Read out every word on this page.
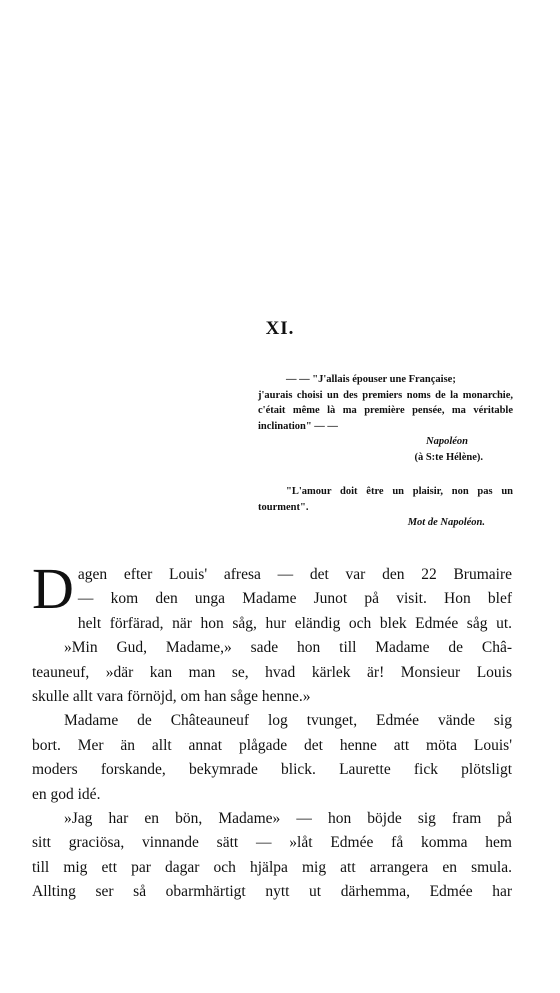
XI.
— — "J'allais épouser une Française;
j'aurais choisi un des premiers noms de la monarchie, c'était même là ma première pensée, ma véritable inclination" — —
Napoléon
(à S:te Hélène).
"L'amour doit être un plaisir, non pas un tourment".
Mot de Napoléon.

D agen efter Louis' afresa — det var den 22 Brumaire
— kom den unga Madame Junot på visit. Hon blef
helt förfärad, när hon såg, hur eländig och blek Edmée såg ut.

»Min Gud, Madame,» sade hon till Madame de Châ-
teauneuf, »där kan man se, hvad kärlek är! Monsieur Louis
skulle allt vara förnöjd, om han såge henne.»

Madame de Châteauneuf log tvunget, Edmée vände sig
bort. Mer än allt annat plågade det henne att möta Louis'
moders forskande, bekymrade blick. Laurette fick plötsligt
en god idé.

»Jag har en bön, Madame» — hon böjde sig fram på
sitt graciösa, vinnande sätt — »låt Edmée få komma hem
till mig ett par dagar och hjälpa mig att arrangera en smula.
Allting ser så obarmhärtigt nytt ut därhemma, Edmée har
